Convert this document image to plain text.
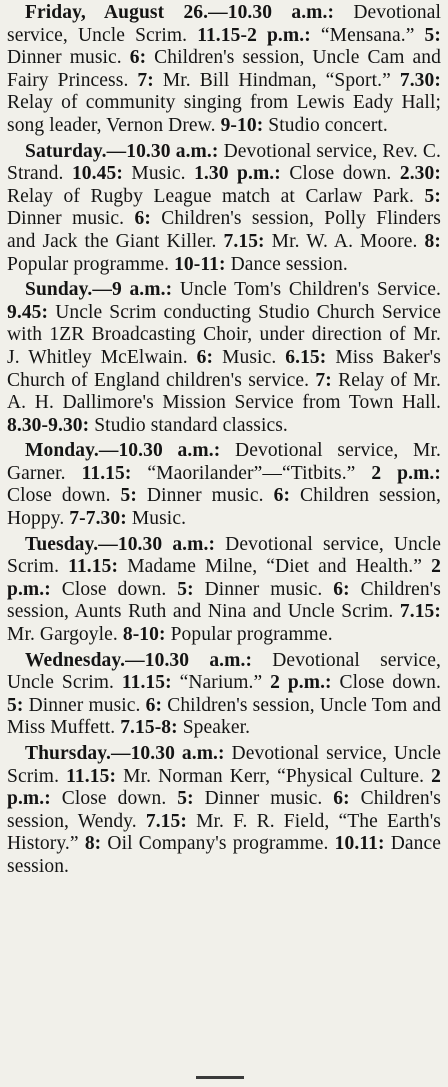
Friday, August 26.—10.30 a.m.: Devotional service, Uncle Scrim. 11.15-2 p.m.: “Mensana.” 5: Dinner music. 6: Children's session, Uncle Cam and Fairy Princess. 7: Mr. Bill Hindman, “Sport.” 7.30: Relay of community singing from Lewis Eady Hall; song leader, Vernon Drew. 9-10: Studio concert.

Saturday.—10.30 a.m.: Devotional service, Rev. C. Strand. 10.45: Music. 1.30 p.m.: Close down. 2.30: Relay of Rugby League match at Carlaw Park. 5: Dinner music. 6: Children's session, Polly Flinders and Jack the Giant Killer. 7.15: Mr. W. A. Moore. 8: Popular programme. 10-11: Dance session.

Sunday.—9 a.m.: Uncle Tom's Children's Service. 9.45: Uncle Scrim conducting Studio Church Service with 1ZR Broadcasting Choir, under direction of Mr. J. Whitley McElwain. 6: Music. 6.15: Miss Baker's Church of England children's service. 7: Relay of Mr. A. H. Dallimore's Mission Service from Town Hall. 8.30-9.30: Studio standard classics.

Monday.—10.30 a.m.: Devotional service, Mr. Garner. 11.15: “Maorilander”—“Titbits.” 2 p.m.: Close down. 5: Dinner music. 6: Children session, Hoppy. 7-7.30: Music.

Tuesday.—10.30 a.m.: Devotional service, Uncle Scrim. 11.15: Madame Milne, “Diet and Health.” 2 p.m.: Close down. 5: Dinner music. 6: Children's session, Aunts Ruth and Nina and Uncle Scrim. 7.15: Mr. Gargoyle. 8-10: Popular programme.

Wednesday.—10.30 a.m.: Devotional service, Uncle Scrim. 11.15: “Narium.” 2 p.m.: Close down. 5: Dinner music. 6: Children's session, Uncle Tom and Miss Muffett. 7.15-8: Speaker.

Thursday.—10.30 a.m.: Devotional service, Uncle Scrim. 11.15: Mr. Norman Kerr, “Physical Culture. 2 p.m.: Close down. 5: Dinner music. 6: Children's session, Wendy. 7.15: Mr. F. R. Field, “The Earth's History.” 8: Oil Company's programme. 10.11: Dance session.
